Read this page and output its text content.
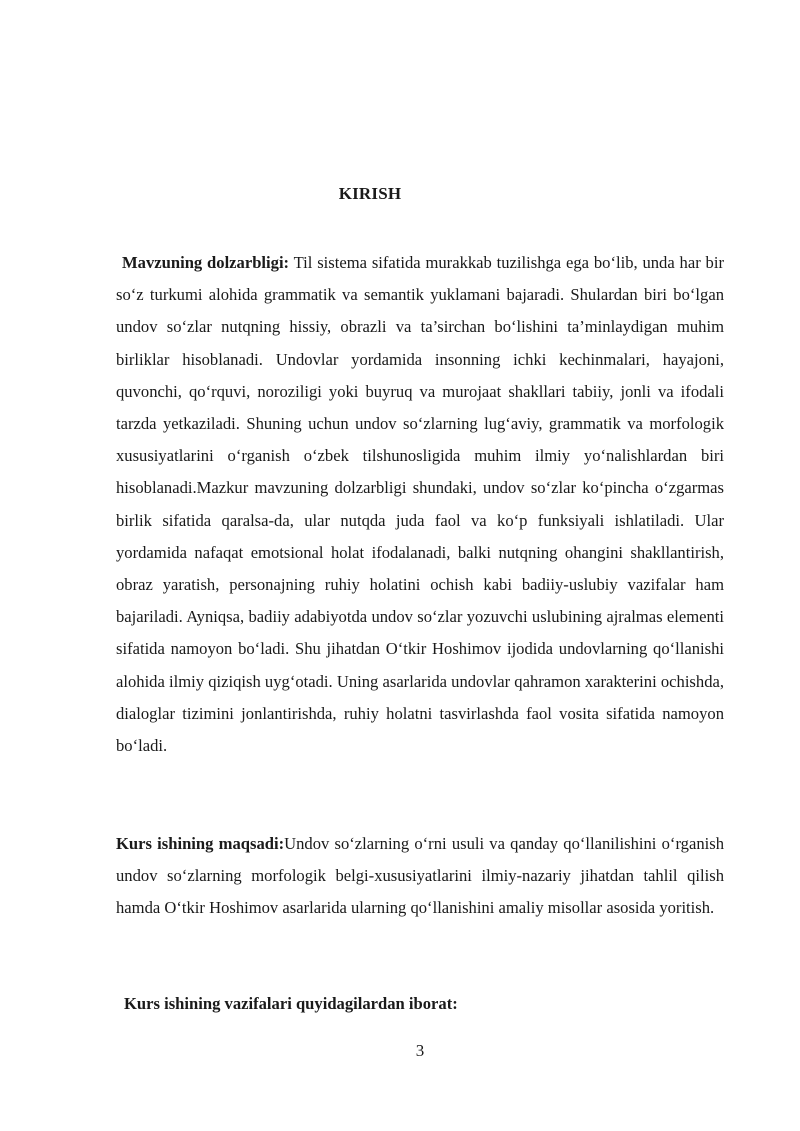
KIRISH

Mavzuning dolzarbligi: Til sistema sifatida murakkab tuzilishga ega bo‘lib, unda har bir so‘z turkumi alohida grammatik va semantik yuklamani bajaradi. Shulardan biri bo‘lgan undov so‘zlar nutqning hissiy, obrazli va ta’sirchan bo‘lishini ta’minlaydigan muhim birliklar hisoblanadi. Undovlar yordamida insonning ichki kechinmalari, hayajoni, quvonchi, qo‘rquvi, noroziligi yoki buyruq va murojaat shakllari tabiiy, jonli va ifodali tarzda yetkaziladi. Shuning uchun undov so‘zlarning lug‘aviy, grammatik va morfologik xususiyatlarini o‘rganish o‘zbek tilshunosligida muhim ilmiy yo‘nalishlardan biri hisoblanadi.Mazkur mavzuning dolzarbligi shundaki, undov so‘zlar ko‘pincha o‘zgarmas birlik sifatida qaralsa-da, ular nutqda juda faol va ko‘p funksiyali ishlatiladi. Ular yordamida nafaqat emotsional holat ifodalanadi, balki nutqning ohangini shakllantirish, obraz yaratish, personajning ruhiy holatini ochish kabi badiiy-uslubiy vazifalar ham bajariladi. Ayniqsa, badiiy adabiyotda undov so‘zlar yozuvchi uslubining ajralmas elementi sifatida namoyon bo‘ladi. Shu jihatdan O‘tkir Hoshimov ijodida undovlarning qo‘llanishi alohida ilmiy qiziqish uyg‘otadi. Uning asarlarida undovlar qahramon xarakterini ochishda, dialoglar tizimini jonlantirishda, ruhiy holatni tasvirlashda faol vosita sifatida namoyon bo‘ladi.

Kurs ishining maqsadi:Undov so‘zlarning o‘rni usuli va qanday qo‘llanilishini o‘rganish undov so‘zlarning morfologik belgi-xususiyatlarini ilmiy-nazariy jihatdan tahlil qilish hamda O‘tkir Hoshimov asarlarida ularning qo‘llanishini amaliy misollar asosida yoritish.

Kurs ishining vazifalari quyidagilardan iborat:
3
